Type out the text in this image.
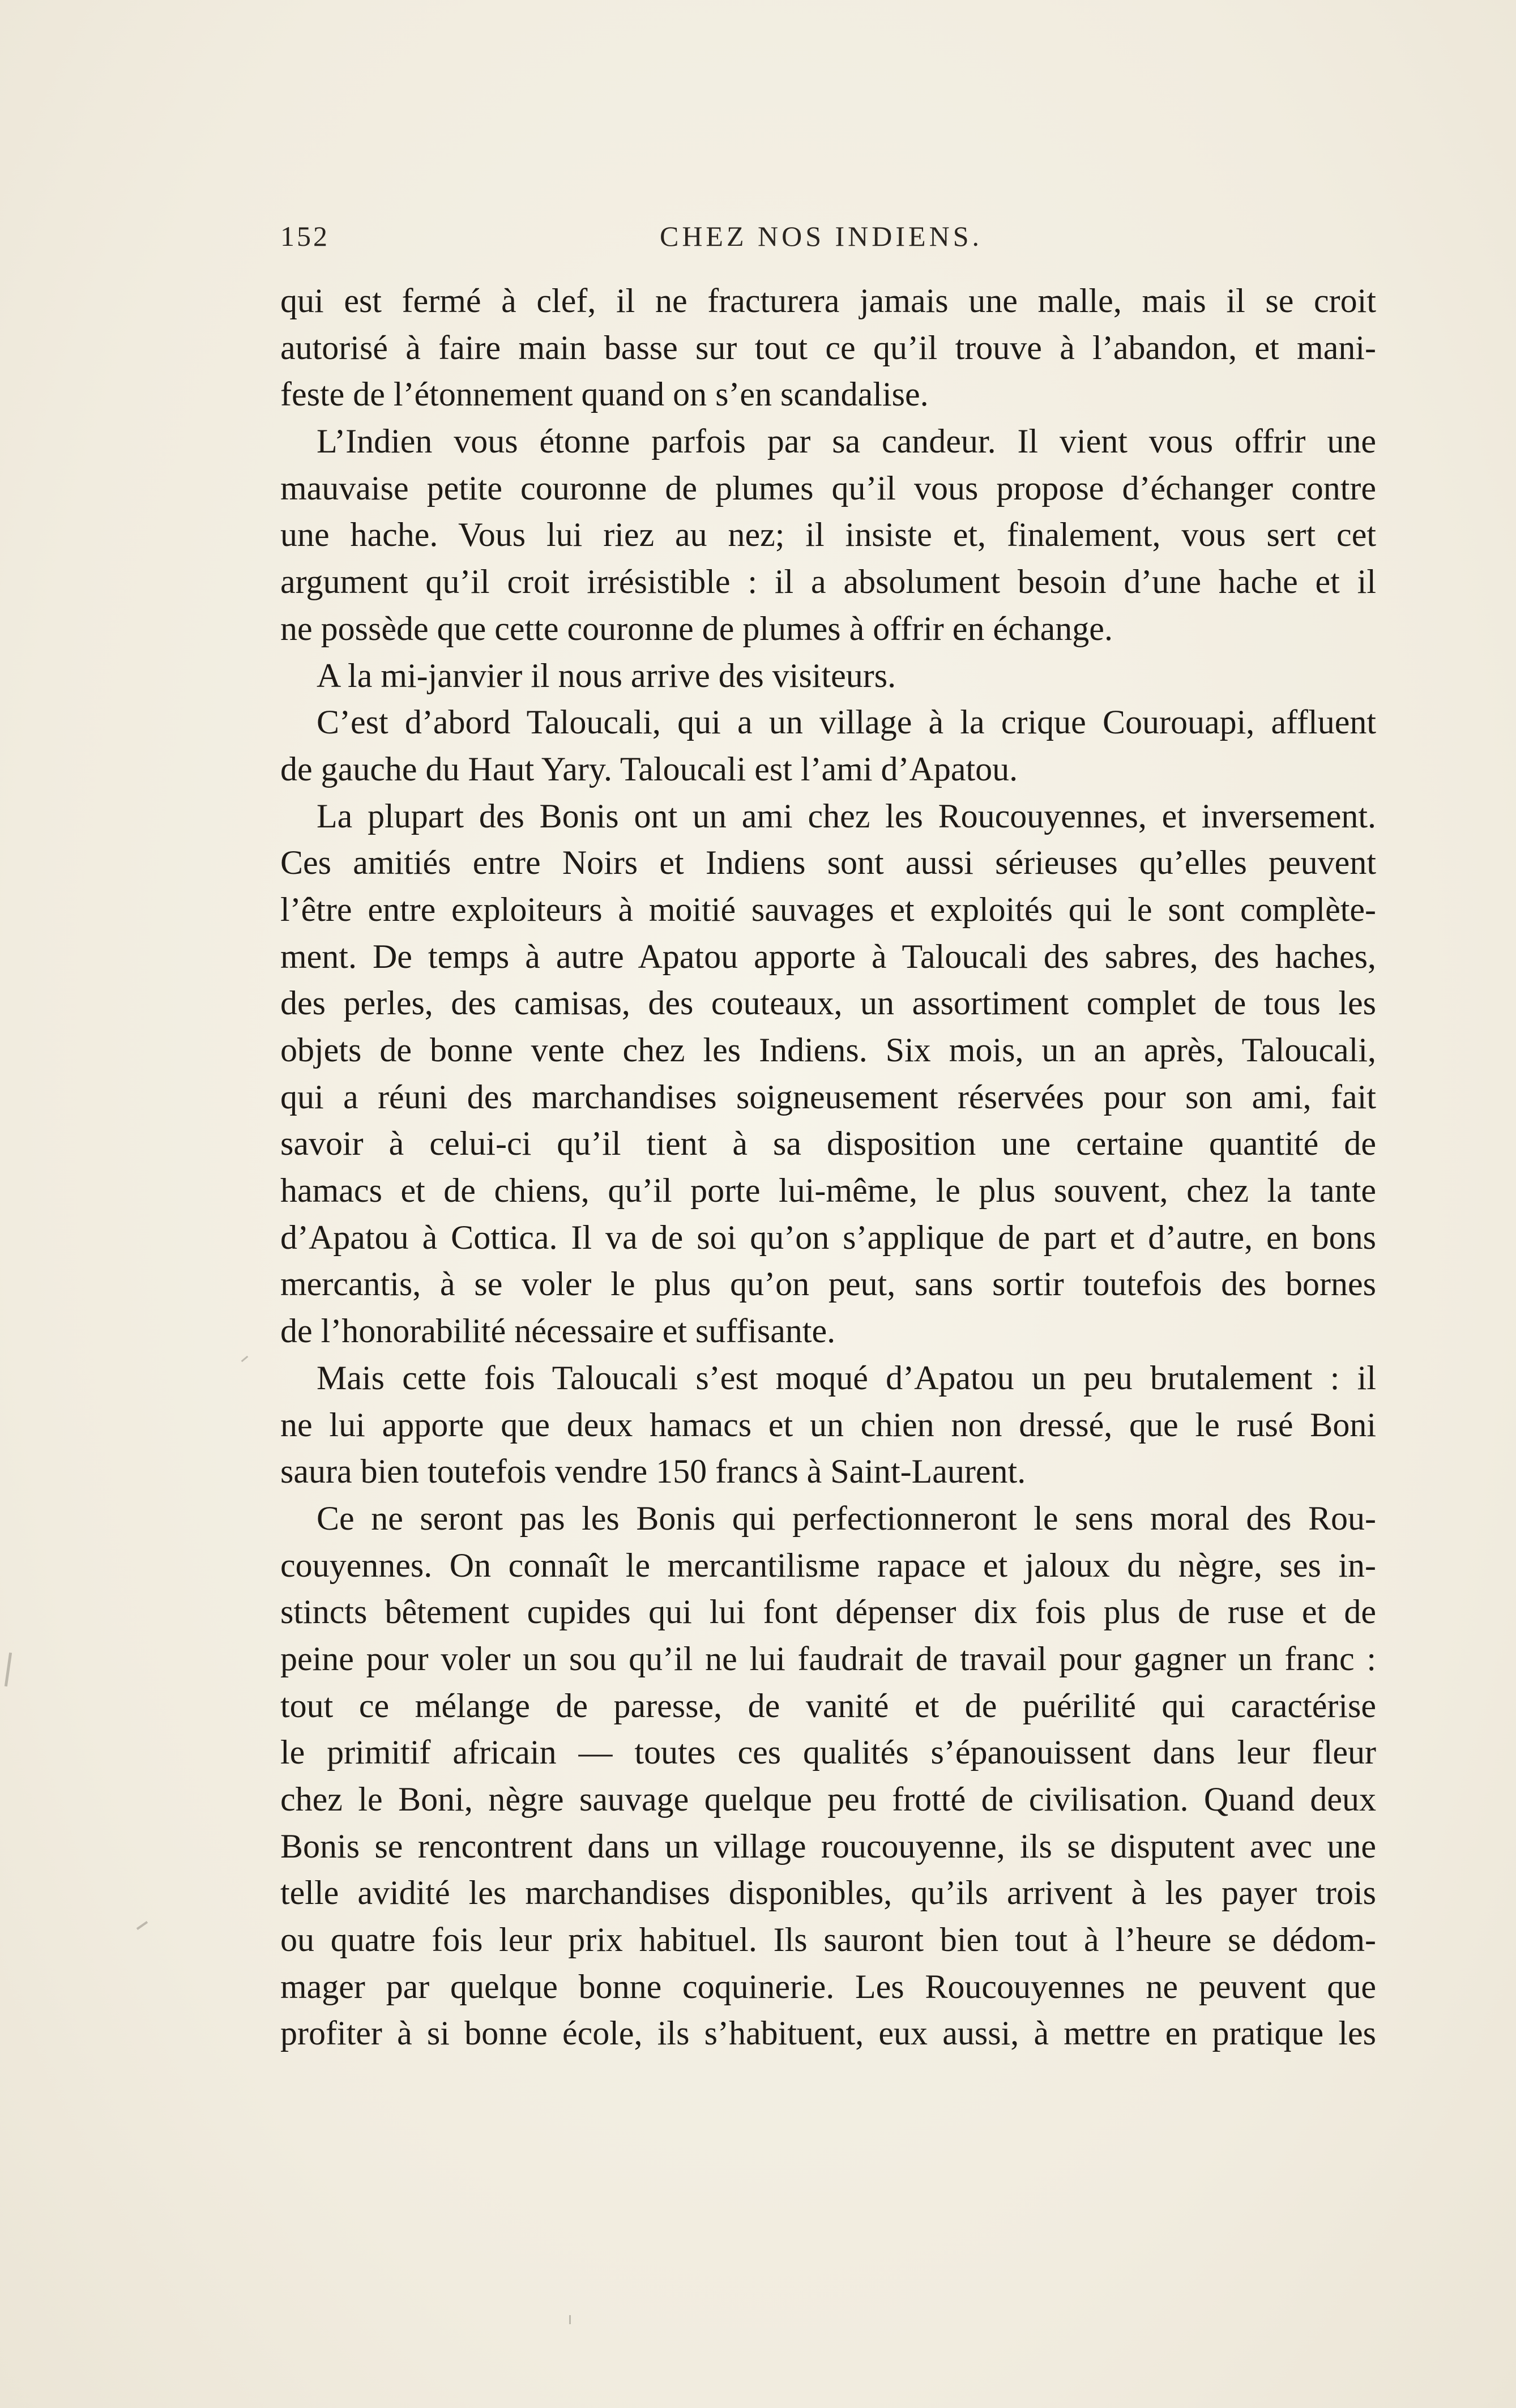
152	CHEZ NOS INDIENS.
qui est fermé à clef, il ne fracturera jamais une malle, mais il se croit
autorisé à faire main basse sur tout ce qu’il trouve à l’abandon, et mani-
feste de l’étonnement quand on s’en scandalise.
L’Indien vous étonne parfois par sa candeur. Il vient vous offrir une
mauvaise petite couronne de plumes qu’il vous propose d’échanger contre
une hache. Vous lui riez au nez; il insiste et, finalement, vous sert cet
argument qu’il croit irrésistible : il a absolument besoin d’une hache et il
ne possède que cette couronne de plumes à offrir en échange.
A la mi-janvier il nous arrive des visiteurs.
C’est d’abord Taloucali, qui a un village à la crique Courouapi, affluent
de gauche du Haut Yary. Taloucali est l’ami d’Apatou.
La plupart des Bonis ont un ami chez les Roucouyennes, et inversement.
Ces amitiés entre Noirs et Indiens sont aussi sérieuses qu’elles peuvent
l’être entre exploiteurs à moitié sauvages et exploités qui le sont complète-
ment. De temps à autre Apatou apporte à Taloucali des sabres, des haches,
des perles, des camisas, des couteaux, un assortiment complet de tous les
objets de bonne vente chez les Indiens. Six mois, un an après, Taloucali,
qui a réuni des marchandises soigneusement réservées pour son ami, fait
savoir à celui-ci qu’il tient à sa disposition une certaine quantité de
hamacs et de chiens, qu’il porte lui-même, le plus souvent, chez la tante
d’Apatou à Cottica. Il va de soi qu’on s’applique de part et d’autre, en bons
mercantis, à se voler le plus qu’on peut, sans sortir toutefois des bornes
de l’honorabilité nécessaire et suffisante.
Mais cette fois Taloucali s’est moqué d’Apatou un peu brutalement : il
ne lui apporte que deux hamacs et un chien non dressé, que le rusé Boni
saura bien toutefois vendre 150 francs à Saint-Laurent.
Ce ne seront pas les Bonis qui perfectionneront le sens moral des Rou-
couyennes. On connaît le mercantilisme rapace et jaloux du nègre, ses in-
stincts bêtement cupides qui lui font dépenser dix fois plus de ruse et de
peine pour voler un sou qu’il ne lui faudrait de travail pour gagner un franc :
tout ce mélange de paresse, de vanité et de puérilité qui caractérise
le primitif africain — toutes ces qualités s’épanouissent dans leur fleur
chez le Boni, nègre sauvage quelque peu frotté de civilisation. Quand deux
Bonis se rencontrent dans un village roucouyenne, ils se disputent avec une
telle avidité les marchandises disponibles, qu’ils arrivent à les payer trois
ou quatre fois leur prix habituel. Ils sauront bien tout à l’heure se dédom-
mager par quelque bonne coquinerie. Les Roucouyennes ne peuvent que
profiter à si bonne école, ils s’habituent, eux aussi, à mettre en pratique les
